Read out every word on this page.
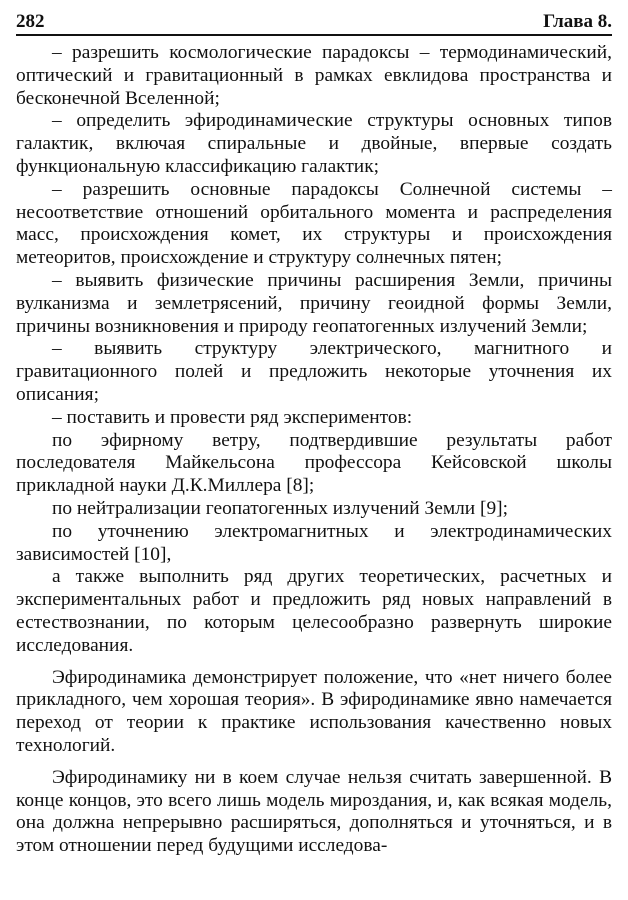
282	Глава 8.

– разрешить космологические парадоксы – термодинамический, оптический и гравитационный в рамках евклидова пространства и бесконечной Вселенной;

– определить эфиродинамические структуры основных типов галактик, включая спиральные и двойные, впервые создать функциональную классификацию галактик;

– разрешить основные парадоксы Солнечной системы – несоответствие отношений орбитального момента и распределения масс, происхождения комет, их структуры и происхождения метеоритов, происхождение и структуру солнечных пятен;

– выявить физические причины расширения Земли, причины вулканизма и землетрясений, причину геоидной формы Земли, причины возникновения и природу геопатогенных излучений Земли;

– выявить структуру электрического, магнитного и гравитационного полей и предложить некоторые уточнения их описания;

– поставить и провести ряд экспериментов:

по эфирному ветру, подтвердившие результаты работ последователя Майкельсона профессора Кейсовской школы прикладной науки Д.К.Миллера [8];

по нейтрализации геопатогенных излучений Земли [9];

по уточнению электромагнитных и электродинамических зависимостей [10],

а также выполнить ряд других теоретических, расчетных и экспериментальных работ и предложить ряд новых направлений в естествознании, по которым целесообразно развернуть широкие исследования.

Эфиродинамика демонстрирует положение, что «нет ничего более прикладного, чем хорошая теория». В эфиродинамике явно намечается переход от теории к практике использования качественно новых технологий.

Эфиродинамику ни в коем случае нельзя считать завершенной. В конце концов, это всего лишь модель мироздания, и, как всякая модель, она должна непрерывно расширяться, дополняться и уточняться, и в этом отношении перед будущими исследова-
